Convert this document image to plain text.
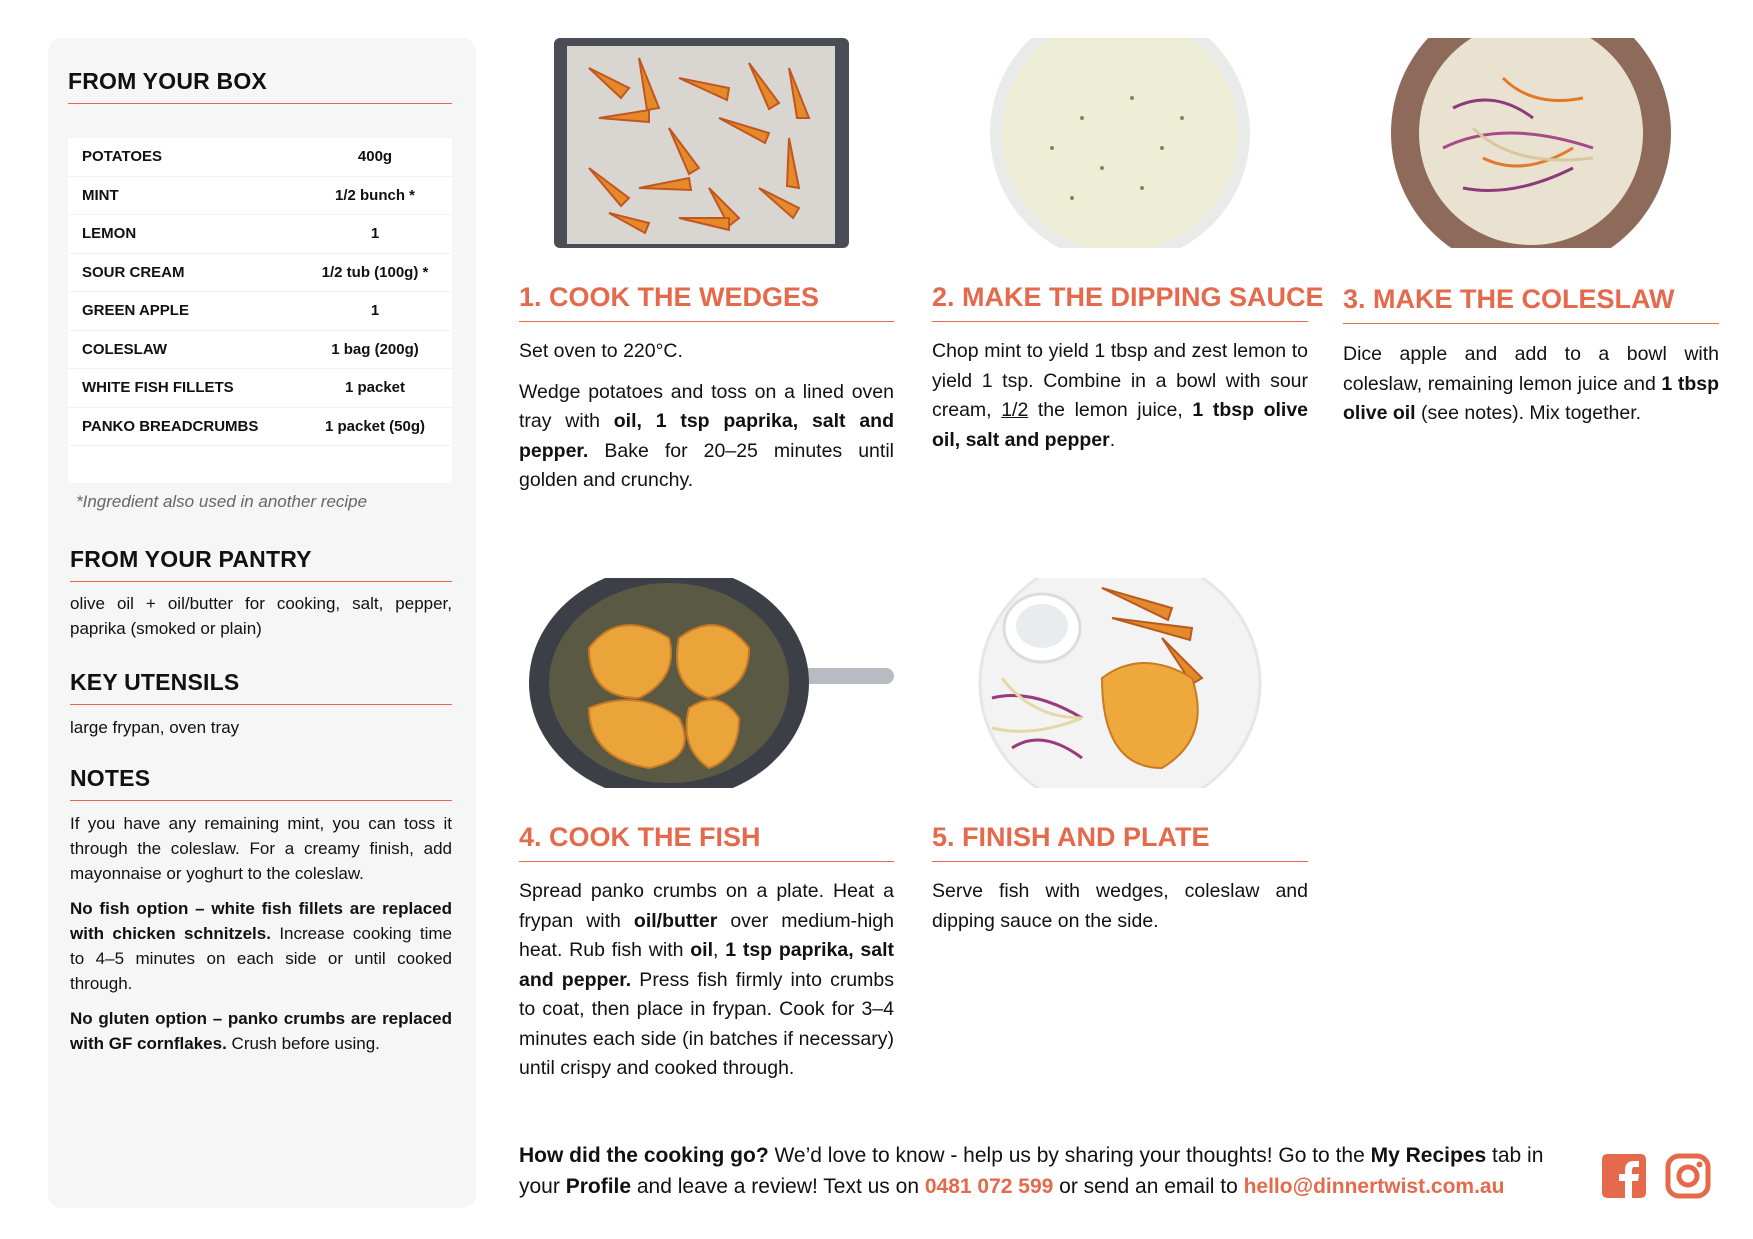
FROM YOUR BOX
POTATOES	400g
MINT	1/2 bunch *
LEMON	1
SOUR CREAM	1/2 tub (100g) *
GREEN APPLE	1
COLESLAW	1 bag (200g)
WHITE FISH FILLETS	1 packet
PANKO BREADCRUMBS	1 packet (50g)
*Ingredient also used in another recipe
FROM YOUR PANTRY
olive oil + oil/butter for cooking, salt, pepper, paprika (smoked or plain)
KEY UTENSILS
large frypan, oven tray
NOTES

If you have any remaining mint, you can toss it through the coleslaw. For a creamy finish, add mayonnaise or yoghurt to the coleslaw.

No fish option – white fish fillets are replaced with chicken schnitzels. Increase cooking time to 4–5 minutes on each side or until cooked through.

No gluten option – panko crumbs are replaced with GF cornflakes. Crush before using.

1. COOK THE WEDGES

Set oven to 220°C.

Wedge potatoes and toss on a lined oven tray with oil, 1 tsp paprika, salt and pepper. Bake for 20–25 minutes until golden and crunchy.

2. MAKE THE DIPPING SAUCE

Chop mint to yield 1 tbsp and zest lemon to yield 1 tsp. Combine in a bowl with sour cream, 1/2 the lemon juice, 1 tbsp olive oil, salt and pepper.

3. MAKE THE COLESLAW

Dice apple and add to a bowl with coleslaw, remaining lemon juice and 1 tbsp olive oil (see notes). Mix together.

4. COOK THE FISH

Spread panko crumbs on a plate. Heat a frypan with oil/butter over medium-high heat. Rub fish with oil, 1 tsp paprika, salt and pepper. Press fish firmly into crumbs to coat, then place in frypan. Cook for 3–4 minutes each side (in batches if necessary) until crispy and cooked through.

5. FINISH AND PLATE

Serve fish with wedges, coleslaw and dipping sauce on the side.

How did the cooking go? We’d love to know - help us by sharing your thoughts! Go to the My Recipes tab in your Profile and leave a review! Text us on 0481 072 599 or send an email to hello@dinnertwist.com.au
